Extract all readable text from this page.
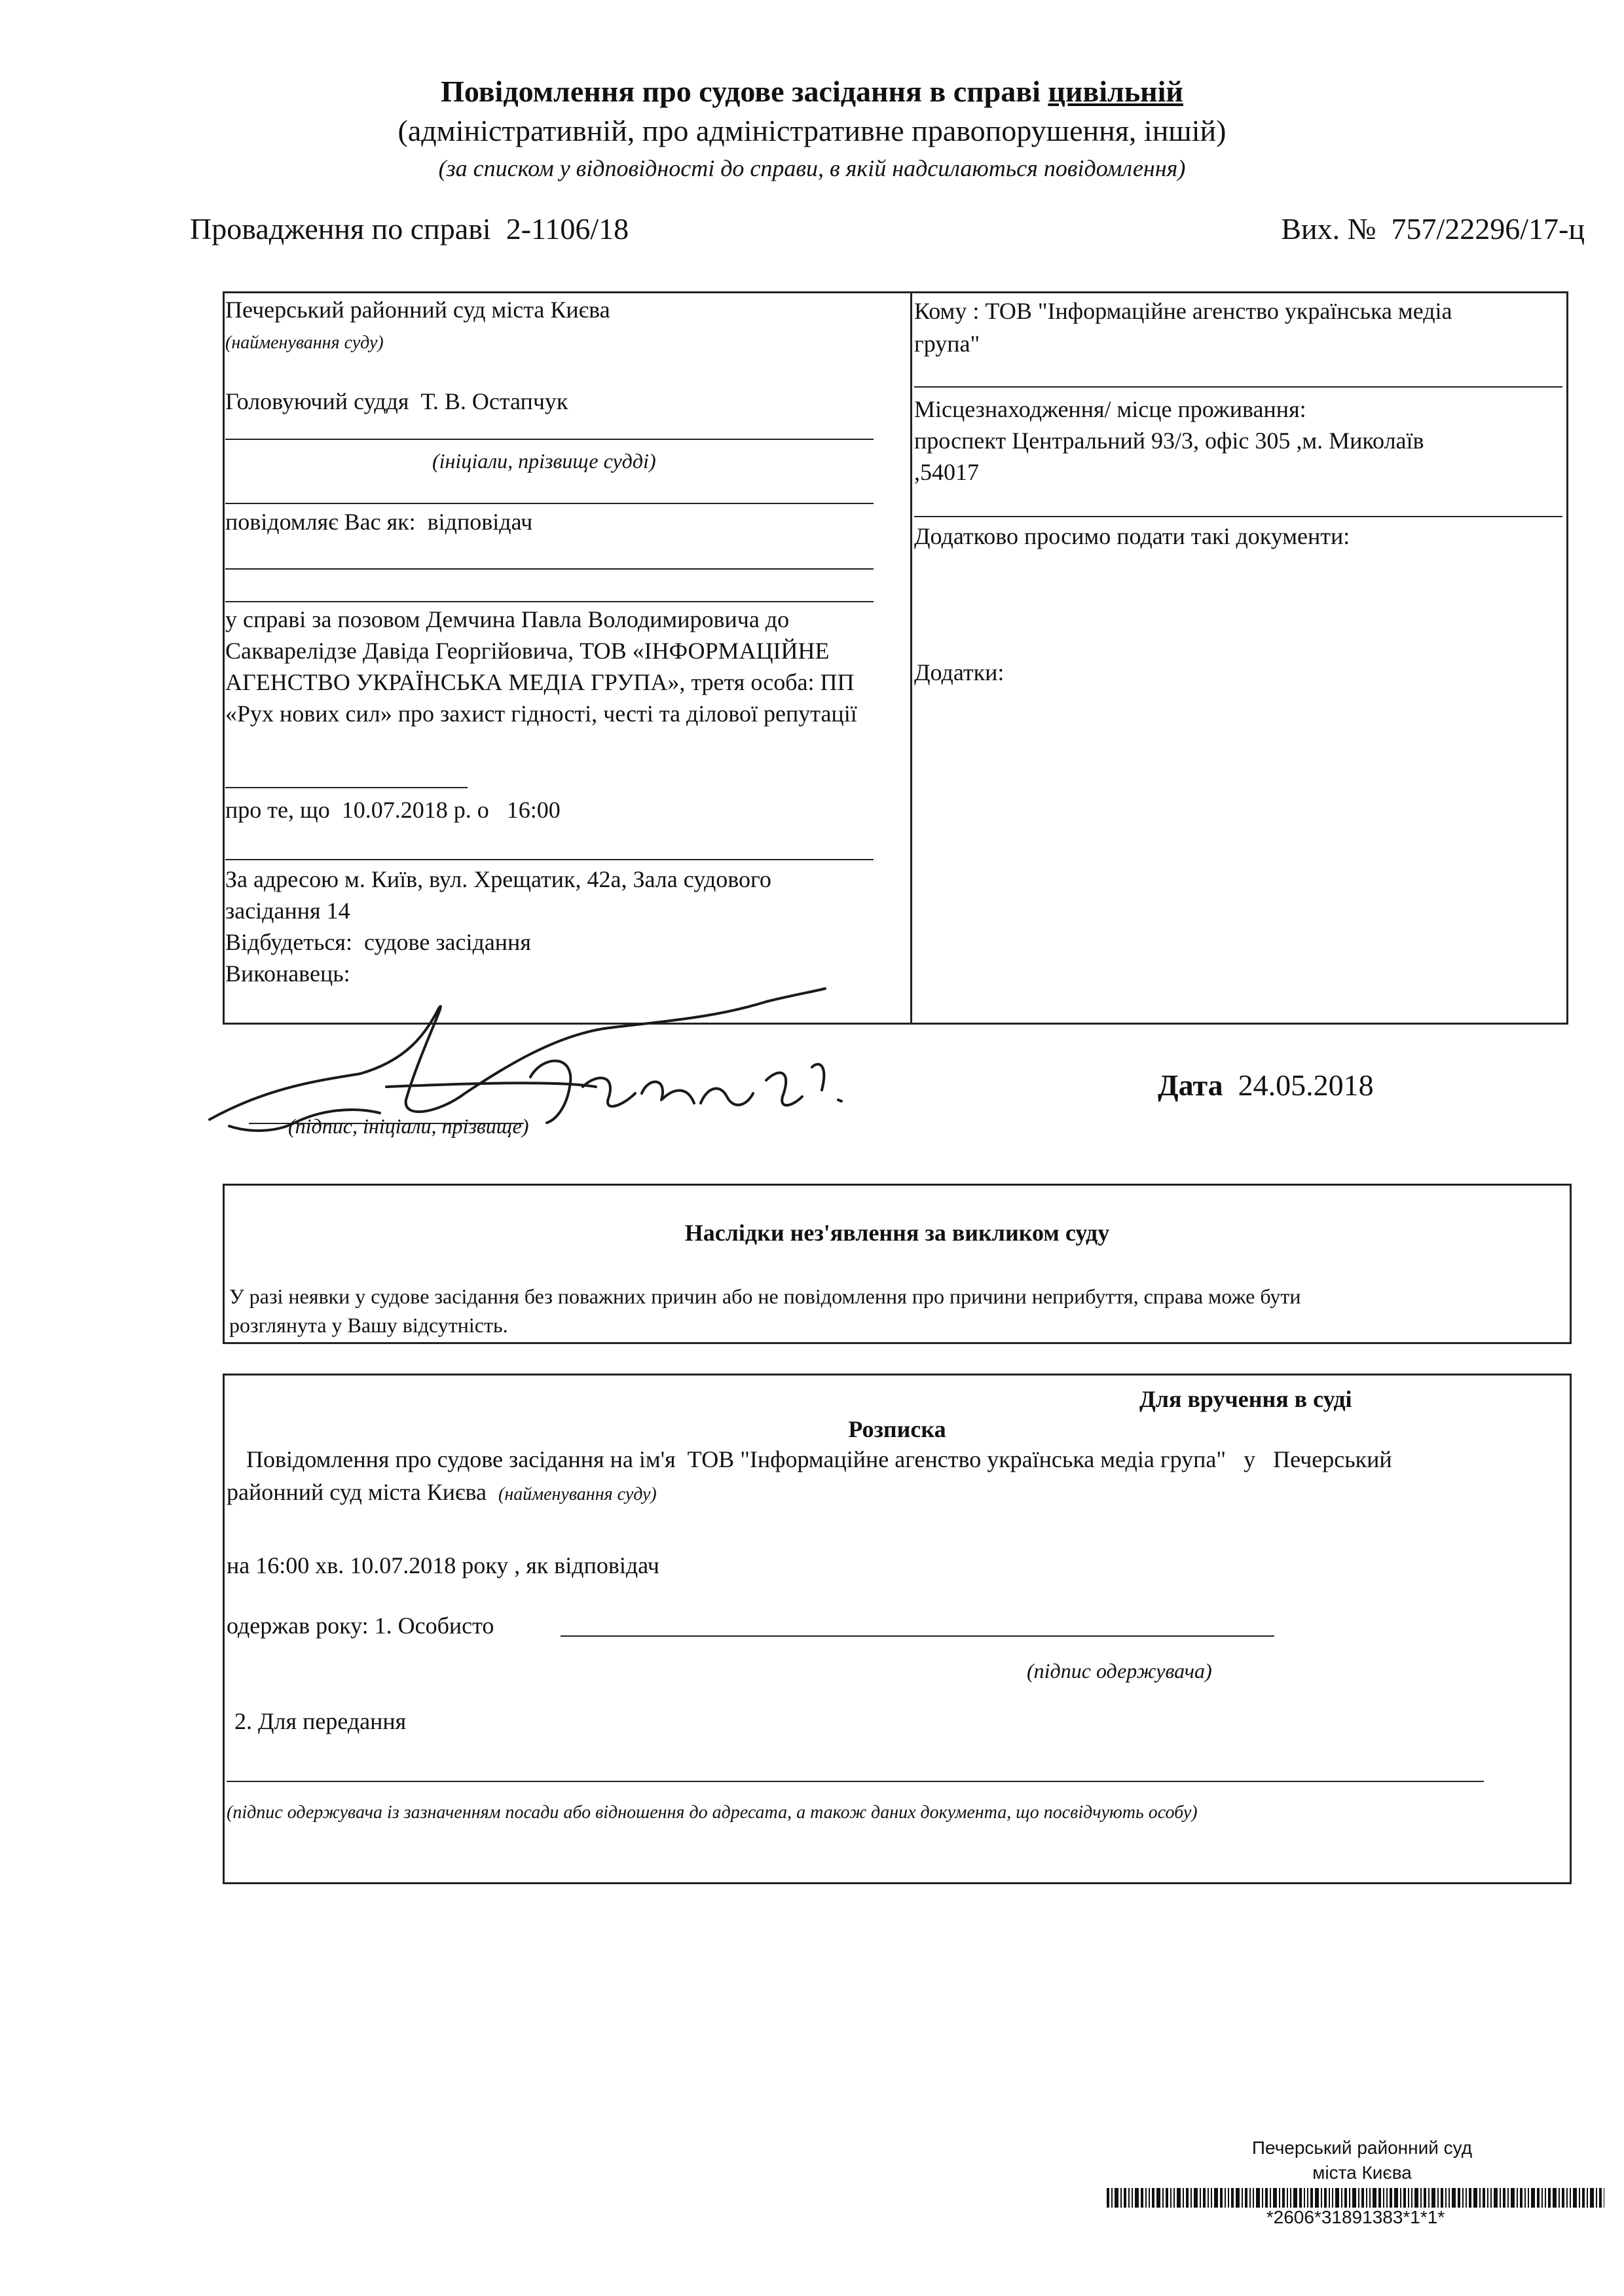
Повідомлення про судове засідання в справі цивільній
(адміністративній, про адміністративне правопорушення, іншій)
(за списком у відповідності до справи, в якій надсилаються повідомлення)
Провадження по справі 2-1106/18	Вих. № 757/22296/17-ц
Печерський районний суд міста Києва
(найменування суду)
Головуючий суддя Т. В. Остапчук
(ініціали, прізвище судді)
повідомляє Вас як: відповідач
у справі за позовом Демчина Павла Володимировича до Сакварелідзе Давіда Георгійовича, ТОВ «ІНФОРМАЦІЙНЕ АГЕНСТВО УКРАЇНСЬКА МЕДІА ГРУПА», третя особа: ПП «Рух нових сил» про захист гідності, честі та ділової репутації
про те, що 10.07.2018 р. о 16:00
За адресою м. Київ, вул. Хрещатик, 42а, Зала судового
засідання 14
Відбудеться: судове засідання
Виконавець:
Кому : ТОВ "Інформаційне агенство українська медіа
група"
Місцезнаходження/ місце проживання:
проспект Центральний 93/3, офіс 305 ,м. Миколаїв
,54017
Додатково просимо подати такі документи:
Додатки:
(підпис, ініціали, прізвище)
Дата 24.05.2018
Наслідки нез'явлення за викликом суду
У разі неявки у судове засідання без поважних причин або не повідомлення про причини неприбуття, справа може бути
розглянута у Вашу відсутність.
Для вручення в суді
Розписка
Повідомлення про судове засідання на ім'я ТОВ "Інформаційне агенство українська медіа група" у Печерський
районний суд міста Києва (найменування суду)
на 16:00 хв. 10.07.2018 року , як відповідач
одержав року: 1. Особисто
(підпис одержувача)
2. Для передання
(підпис одержувача із зазначенням посади або відношення до адресата, а також даних документа, що посвідчують особу)
Печерський районний суд
міста Києва
*2606*31891383*1*1*
